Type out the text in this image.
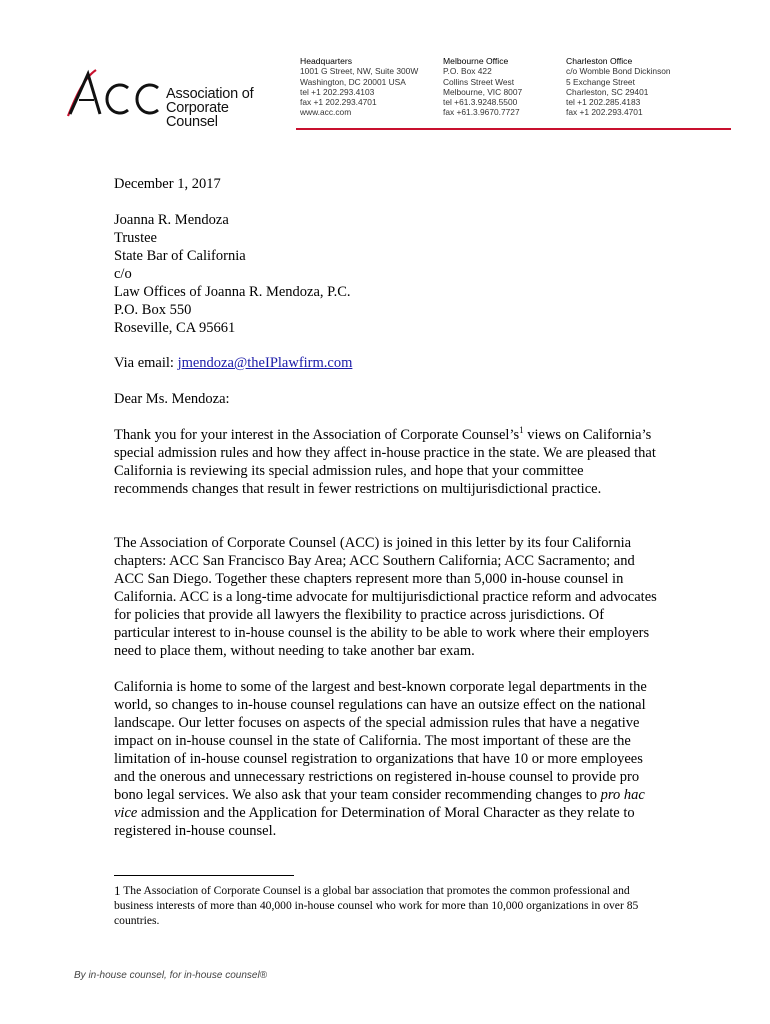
Association of
Corporate Counsel
Headquarters
1001 G Street, NW, Suite 300W
Washington, DC 20001 USA
tel +1 202.293.4103
fax +1 202.293.4701
www.acc.com
Melbourne Office
P.O. Box 422
Collins Street West
Melbourne, VIC 8007
tel +61.3.9248.5500
fax +61.3.9670.7727
Charleston Office
c/o Womble Bond Dickinson
5 Exchange Street
Charleston, SC 29401
tel +1 202.285.4183
fax +1 202.293.4701

December 1, 2017

Joanna R. Mendoza
Trustee
State Bar of California
c/o
Law Offices of Joanna R. Mendoza, P.C.
P.O. Box 550
Roseville, CA 95661

Via email: jmendoza@theIPlawfirm.com

Dear Ms. Mendoza:

Thank you for your interest in the Association of Corporate $Counsel’s^1$ views on California’s special admission rules and how they affect in-house practice in the state. We are pleased that California is reviewing its special admission rules, and hope that your committee recommends changes that result in fewer restrictions on multijurisdictional practice.

The Association of Corporate Counsel (ACC) is joined in this letter by its four California chapters: ACC San Francisco Bay Area; ACC Southern California; ACC Sacramento; and ACC San Diego. Together these chapters represent more than 5,000 in-house counsel in California. ACC is a long-time advocate for multijurisdictional practice reform and advocates for policies that provide all lawyers the flexibility to practice across jurisdictions. Of particular interest to in-house counsel is the ability to be able to work where their employers need to place them, without needing to take another bar exam.

California is home to some of the largest and best-known corporate legal departments in the world, so changes to in-house counsel regulations can have an outsize effect on the national landscape. Our letter focuses on aspects of the special admission rules that have a negative impact on in-house counsel in the state of California. The most important of these are the limitation of in-house counsel registration to organizations that have 10 or more employees and the onerous and unnecessary restrictions on registered in-house counsel to provide pro bono legal services. We also ask that your team consider recommending changes to pro hac vice admission and the Application for Determination of Moral Character as they relate to registered in-house counsel.

1 The Association of Corporate Counsel is a global bar association that promotes the common professional and business interests of more than 40,000 in-house counsel who work for more than 10,000 organizations in over 85 countries.
By in-house counsel, for in-house counsel®
